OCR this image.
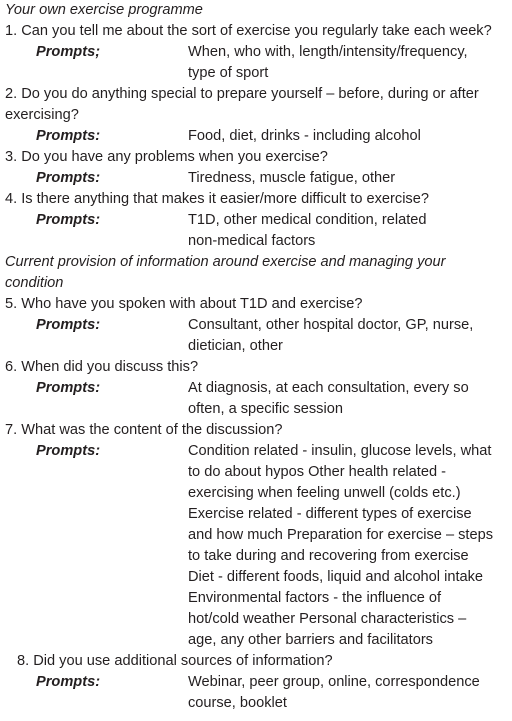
Your own exercise programme

1. Can you tell me about the sort of exercise you regularly take each week?

Prompts;	When, who with, length/intensity/frequency,
type of sport

2. Do you do anything special to prepare yourself – before, during or after
exercising?

Prompts:	Food, diet, drinks - including alcohol

3. Do you have any problems when you exercise?

Prompts:	Tiredness, muscle fatigue, other

4. Is there anything that makes it easier/more difficult to exercise?

Prompts:	T1D, other medical condition, related
non-medical factors

Current provision of information around exercise and managing your
condition

5. Who have you spoken with about T1D and exercise?

Prompts:	Consultant, other hospital doctor, GP, nurse,
dietician, other

6. When did you discuss this?

Prompts:	At diagnosis, at each consultation, every so
often, a specific session

7. What was the content of the discussion?

Prompts:	Condition related - insulin, glucose levels, what
to do about hypos Other health related -
exercising when feeling unwell (colds etc.)
Exercise related - different types of exercise
and how much Preparation for exercise – steps
to take during and recovering from exercise
Diet - different foods, liquid and alcohol intake
Environmental factors - the influence of
hot/cold weather Personal characteristics –
age, any other barriers and facilitators

8. Did you use additional sources of information?

Prompts:	Webinar, peer group, online, correspondence
course, booklet
